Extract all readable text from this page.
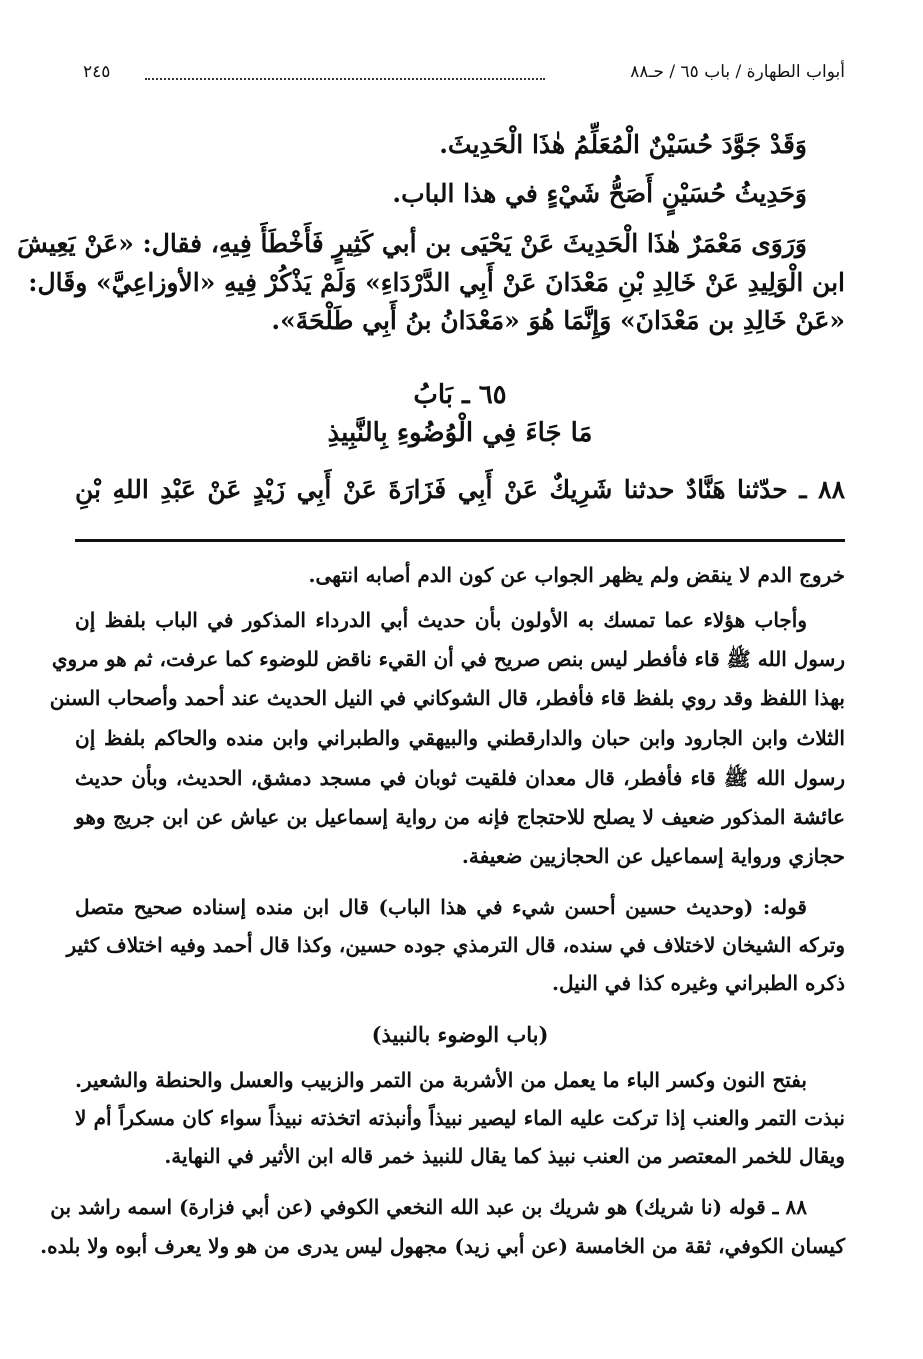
أبواب الطهارة / باب ٦٥ / حـ٨٨
٢٤٥
وَقَدْ جَوَّدَ حُسَيْنٌ الْمُعَلِّمُ هٰذَا الْحَدِيثَ.
وَحَدِيثُ حُسَيْنٍ أَصَحُّ شَيْءٍ في هذا الباب.
وَرَوَى مَعْمَرٌ هٰذَا الْحَدِيثَ عَنْ يَحْيَى بن أبي كَثِيرٍ فَأَخْطَأَ فِيهِ، فقال: «عَنْ يَعِيشَ
ابن الْوَلِيدِ عَنْ خَالِدِ بْنِ مَعْدَانَ عَنْ أَبِي الدَّرْدَاءِ» وَلَمْ يَذْكُرْ فِيهِ «الأوزاعِيَّ» وقَال:
«عَنْ خَالِدِ بن مَعْدَانَ» وَإِنَّمَا هُوَ «مَعْدَانُ بنُ أَبِي طَلْحَةَ».
٦٥ ـ بَابُ
مَا جَاءَ فِي الْوُضُوءِ بِالنَّبِيذِ
٨٨ ـ حدّثنا هَنَّادٌ حدثنا شَرِيكٌ عَنْ أَبِي فَزَارَةَ عَنْ أَبِي زَيْدٍ عَنْ عَبْدِ اللهِ بْنِ
خروج الدم لا ينقض ولم يظهر الجواب عن كون الدم أصابه انتهى.
وأجاب هؤلاء عما تمسك به الأولون بأن حديث أبي الدرداء المذكور في الباب بلفظ إن
رسول الله ﷺ قاء فأفطر ليس بنص صريح في أن القيء ناقض للوضوء كما عرفت، ثم هو مروي
بهذا اللفظ وقد روي بلفظ قاء فأفطر، قال الشوكاني في النيل الحديث عند أحمد وأصحاب السنن
الثلاث وابن الجارود وابن حبان والدارقطني والبيهقي والطبراني وابن منده والحاكم بلفظ إن
رسول الله ﷺ قاء فأفطر، قال معدان فلقيت ثوبان في مسجد دمشق، الحديث، وبأن حديث
عائشة المذكور ضعيف لا يصلح للاحتجاج فإنه من رواية إسماعيل بن عياش عن ابن جريج وهو
حجازي ورواية إسماعيل عن الحجازيين ضعيفة.
قوله: (وحديث حسين أحسن شيء في هذا الباب) قال ابن منده إسناده صحيح متصل
وتركه الشيخان لاختلاف في سنده، قال الترمذي جوده حسين، وكذا قال أحمد وفيه اختلاف كثير
ذكره الطبراني وغيره كذا في النيل.
(باب الوضوء بالنبيذ)
بفتح النون وكسر الباء ما يعمل من الأشربة من التمر والزبيب والعسل والحنطة والشعير.
نبذت التمر والعنب إذا تركت عليه الماء ليصير نبيذاً وأنبذته اتخذته نبيذاً سواء كان مسكراً أم لا
ويقال للخمر المعتصر من العنب نبيذ كما يقال للنبيذ خمر قاله ابن الأثير في النهاية.
٨٨ ـ قوله (نا شريك) هو شريك بن عبد الله النخعي الكوفي (عن أبي فزارة) اسمه راشد بن
كيسان الكوفي، ثقة من الخامسة (عن أبي زيد) مجهول ليس يدرى من هو ولا يعرف أبوه ولا بلده.
